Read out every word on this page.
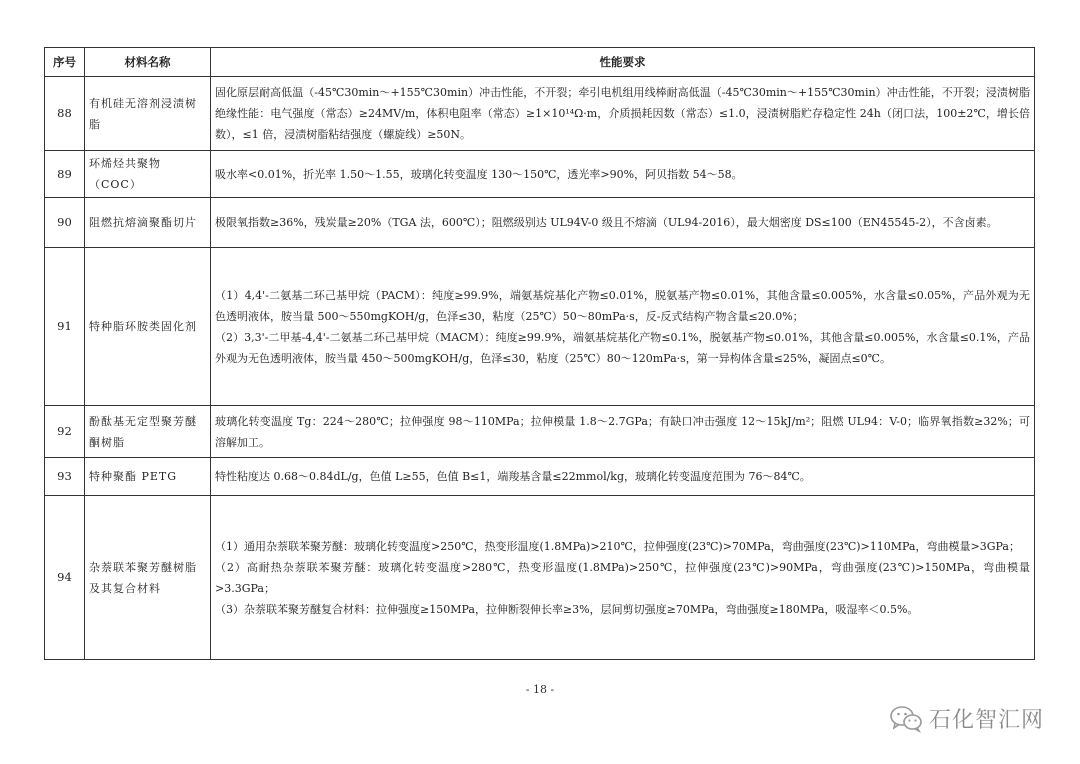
序号	材料名称	性能要求
88	有机硅无溶剂浸渍树脂	固化原层耐高低温（-45℃30min～+155℃30min）冲击性能，不开裂；牵引电机组用线棒耐高低温（-45℃30min～+155℃30min）冲击性能，不开裂；浸渍树脂绝缘性能：电气强度（常态）≥24MV/m，体积电阻率（常态）≥1×10¹⁴Ω·m，介质损耗因数（常态）≤1.0，浸渍树脂贮存稳定性 24h（闭口法，100±2℃，增长倍数），≤1 倍，浸渍树脂粘结强度（螺旋线）≥50N。

89	环烯烃共聚物（COC）	吸水率<0.01%，折光率 1.50～1.55，玻璃化转变温度 130～150℃，透光率>90%，阿贝指数 54～58。

90	阻燃抗熔滴聚酯切片	极限氧指数≥36%，残炭量≥20%（TGA 法，600℃）；阻燃级别达 UL94V-0 级且不熔滴（UL94-2016），最大烟密度 DS≤100（EN45545-2），不含卤素。

91	特种脂环胺类固化剂	（1）4,4'-二氨基二环己基甲烷（PACM）：纯度≥99.9%，端氨基烷基化产物≤0.01%，脱氨基产物≤0.01%，其他含量≤0.005%，水含量≤0.05%，产品外观为无色透明液体，胺当量 500～550mgKOH/g，色泽≤30，粘度（25℃）50～80mPa·s，反-反式结构产物含量≤20.0%；

（2）3,3'-二甲基-4,4'-二氨基二环己基甲烷（MACM）：纯度≥99.9%，端氨基烷基化产物≤0.1%，脱氨基产物≤0.01%，其他含量≤0.005%，水含量≤0.1%，产品外观为无色透明液体，胺当量 450～500mgKOH/g，色泽≤30，粘度（25℃）80～120mPa·s，第一异构体含量≤25%，凝固点≤0℃。

92	酚酞基无定型聚芳醚酮树脂	玻璃化转变温度 Tg：224～280℃；拉伸强度 98～110MPa；拉伸模量 1.8～2.7GPa；有缺口冲击强度 12～15kJ/m²；阻燃 UL94：V-0；临界氧指数≥32%；可溶解加工。

93	特种聚酯 PETG	特性粘度达 0.68～0.84dL/g，色值 L≥55，色值 B≤1，端羧基含量≤22mmol/kg，玻璃化转变温度范围为 76～84℃。

94	杂萘联苯聚芳醚树脂及其复合材料	（1）通用杂萘联苯聚芳醚：玻璃化转变温度>250℃，热变形温度(1.8MPa)>210℃，拉伸强度(23℃)>70MPa，弯曲强度(23℃)>110MPa，弯曲模量>3GPa；

（2）高耐热杂萘联苯聚芳醚：玻璃化转变温度>280℃，热变形温度(1.8MPa)>250℃，拉伸强度(23℃)>90MPa，弯曲强度(23℃)>150MPa，弯曲模量>3.3GPa；

（3）杂萘联苯聚芳醚复合材料：拉伸强度≥150MPa，拉伸断裂伸长率≥3%，层间剪切强度≥70MPa，弯曲强度≥180MPa，吸湿率＜0.5%。

- 18 -
石化智汇网
